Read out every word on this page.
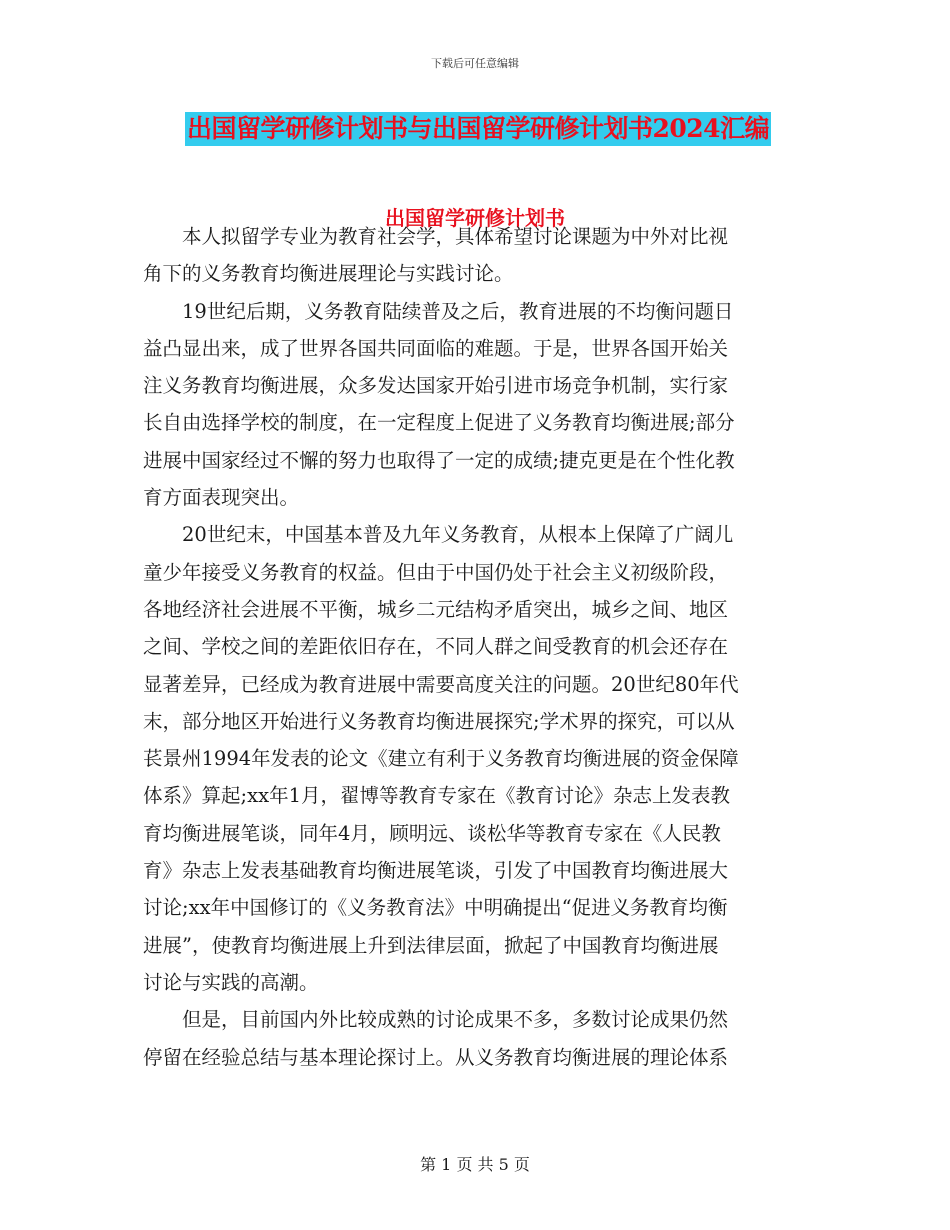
下载后可任意编辑
出国留学研修计划书与出国留学研修计划书2024汇编
出国留学研修计划书
　　本人拟留学专业为教育社会学，具体希望讨论课题为中外对比视
角下的义务教育均衡进展理论与实践讨论。
　　19世纪后期，义务教育陆续普及之后，教育进展的不均衡问题日
益凸显出来，成了世界各国共同面临的难题。于是，世界各国开始关
注义务教育均衡进展，众多发达国家开始引进市场竞争机制，实行家
长自由选择学校的制度，在一定程度上促进了义务教育均衡进展;部分
进展中国家经过不懈的努力也取得了一定的成绩;捷克更是在个性化教
育方面表现突出。
　　20世纪末，中国基本普及九年义务教育，从根本上保障了广阔儿
童少年接受义务教育的权益。但由于中国仍处于社会主义初级阶段，
各地经济社会进展不平衡，城乡二元结构矛盾突出，城乡之间、地区
之间、学校之间的差距依旧存在，不同人群之间受教育的机会还存在
显著差异，已经成为教育进展中需要高度关注的问题。20世纪80年代
末，部分地区开始进行义务教育均衡进展探究;学术界的探究，可以从
苌景州1994年发表的论文《建立有利于义务教育均衡进展的资金保障
体系》算起;xx年1月，翟博等教育专家在《教育讨论》杂志上发表教
育均衡进展笔谈，同年4月，顾明远、谈松华等教育专家在《人民教
育》杂志上发表基础教育均衡进展笔谈，引发了中国教育均衡进展大
讨论;xx年中国修订的《义务教育法》中明确提出“促进义务教育均衡
进展”，使教育均衡进展上升到法律层面，掀起了中国教育均衡进展
讨论与实践的高潮。
　　但是，目前国内外比较成熟的讨论成果不多，多数讨论成果仍然
停留在经验总结与基本理论探讨上。从义务教育均衡进展的理论体系
第 1 页 共 5 页
